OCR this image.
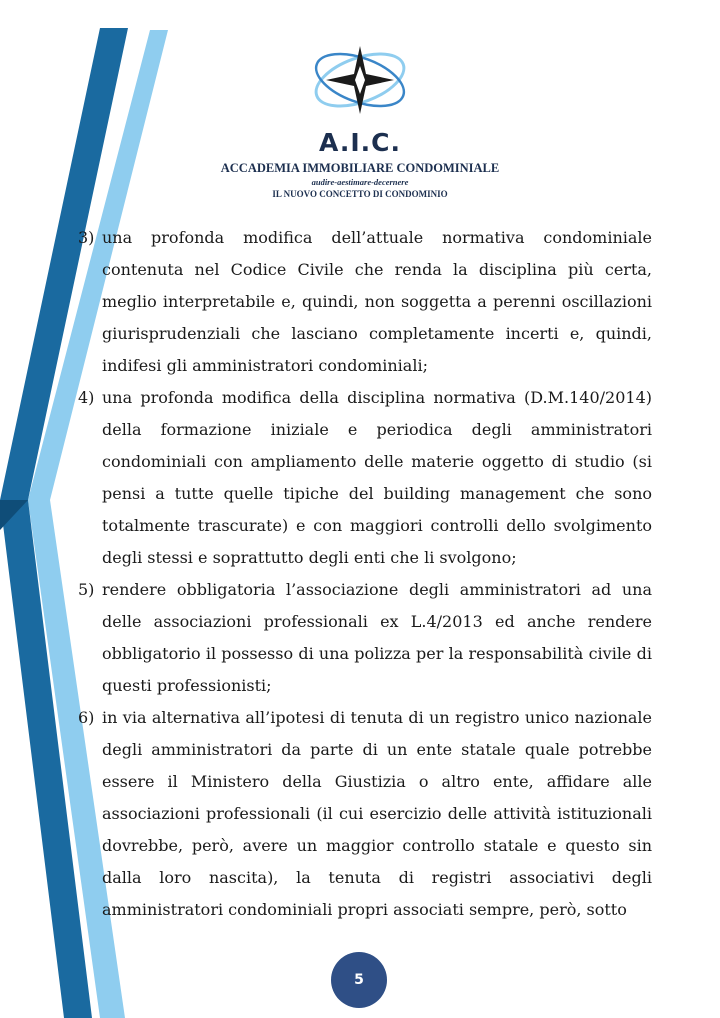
A.I.C.
ACCADEMIA IMMOBILIARE CONDOMINIALE
audire-aestimare-decernere
IL NUOVO CONCETTO DI CONDOMINIO
3) una profonda modifica dell’attuale normativa condominiale contenuta nel Codice Civile che renda la disciplina più certa, meglio interpretabile e, quindi, non soggetta a perenni oscillazioni giurisprudenziali che lasciano completamente incerti e, quindi, indifesi gli amministratori condominiali;
4) una profonda modifica della disciplina normativa (D.M.140/2014) della formazione iniziale e periodica degli amministratori condominiali con ampliamento delle materie oggetto di studio (si pensi a tutte quelle tipiche del building management che sono totalmente trascurate) e con maggiori controlli dello svolgimento degli stessi e soprattutto degli enti che li svolgono;
5) rendere obbligatoria l’associazione degli amministratori ad una delle associazioni professionali ex L.4/2013 ed anche rendere obbligatorio il possesso di una polizza per la responsabilità civile di questi professionisti;
6) in via alternativa all’ipotesi di tenuta di un registro unico nazionale degli amministratori da parte di un ente statale quale potrebbe essere il Ministero della Giustizia o altro ente, affidare alle associazioni professionali (il cui esercizio delle attività istituzionali dovrebbe, però, avere un maggior controllo statale e questo sin dalla loro nascita), la tenuta di registri associativi degli amministratori condominiali propri associati sempre, però, sotto
5
